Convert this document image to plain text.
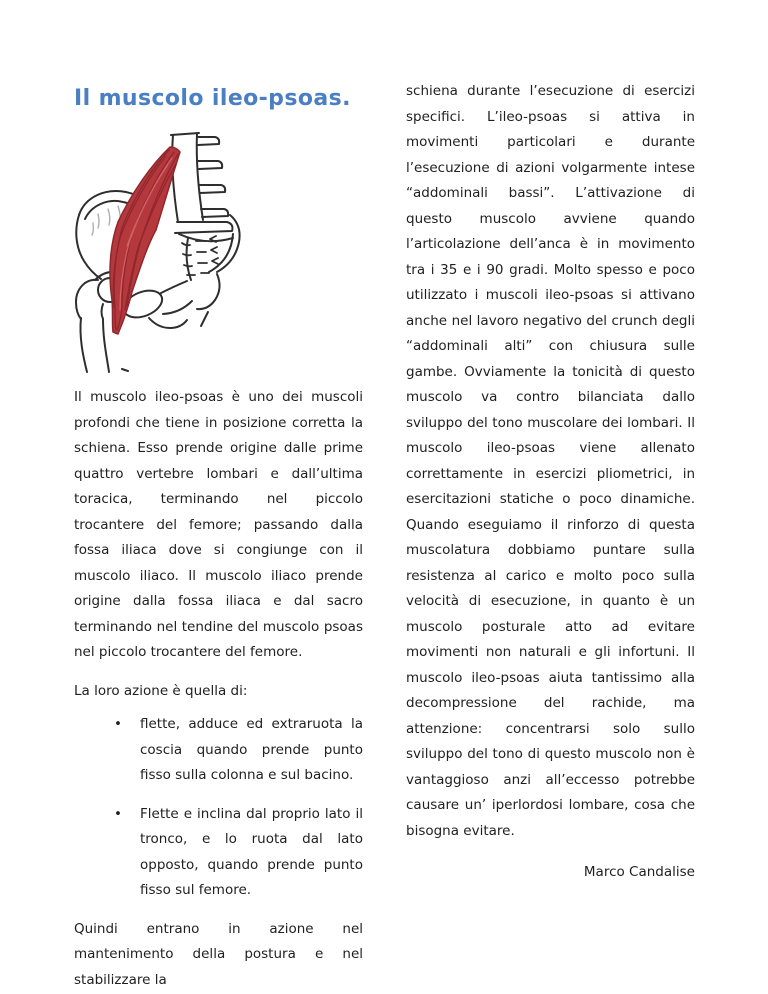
Il muscolo ileo-psoas.

Il muscolo ileo-psoas è uno dei muscoli profondi che tiene in posizione corretta la schiena. Esso prende origine dalle prime quattro vertebre lombari e dall’ultima toracica, terminando nel piccolo trocantere del femore; passando dalla fossa iliaca dove si congiunge con il muscolo iliaco. Il muscolo iliaco prende origine dalla fossa iliaca e dal sacro terminando nel tendine del muscolo psoas nel piccolo trocantere del femore.

La loro azione è quella di:

•	flette, adduce ed extraruota la coscia quando prende punto fisso sulla colonna e sul bacino.
•	Flette e inclina dal proprio lato il tronco, e lo ruota dal lato opposto, quando prende punto fisso sul femore.

Quindi entrano in azione nel mantenimento della postura e nel stabilizzare la

schiena durante l’esecuzione di esercizi specifici. L’ileo-psoas si attiva in movimenti particolari e durante l’esecuzione di azioni volgarmente intese “addominali bassi”. L’attivazione di questo muscolo avviene quando l’articolazione dell’anca è in movimento tra i 35 e i 90 gradi. Molto spesso e poco utilizzato i muscoli ileo-psoas si attivano anche nel lavoro negativo del crunch degli “addominali alti” con chiusura sulle gambe. Ovviamente la tonicità di questo muscolo va contro bilanciata dallo sviluppo del tono muscolare dei lombari. Il muscolo ileo-psoas viene allenato correttamente in esercizi pliometrici, in esercitazioni statiche o poco dinamiche. Quando eseguiamo il rinforzo di questa muscolatura dobbiamo puntare sulla resistenza al carico e molto poco sulla velocità di esecuzione, in quanto è un muscolo posturale atto ad evitare movimenti non naturali e gli infortuni. Il muscolo ileo-psoas aiuta tantissimo alla decompressione del rachide, ma attenzione: concentrarsi solo sullo sviluppo del tono di questo muscolo non è vantaggioso anzi all’eccesso potrebbe causare un’ iperlordosi lombare, cosa che bisogna evitare.

Marco Candalise
